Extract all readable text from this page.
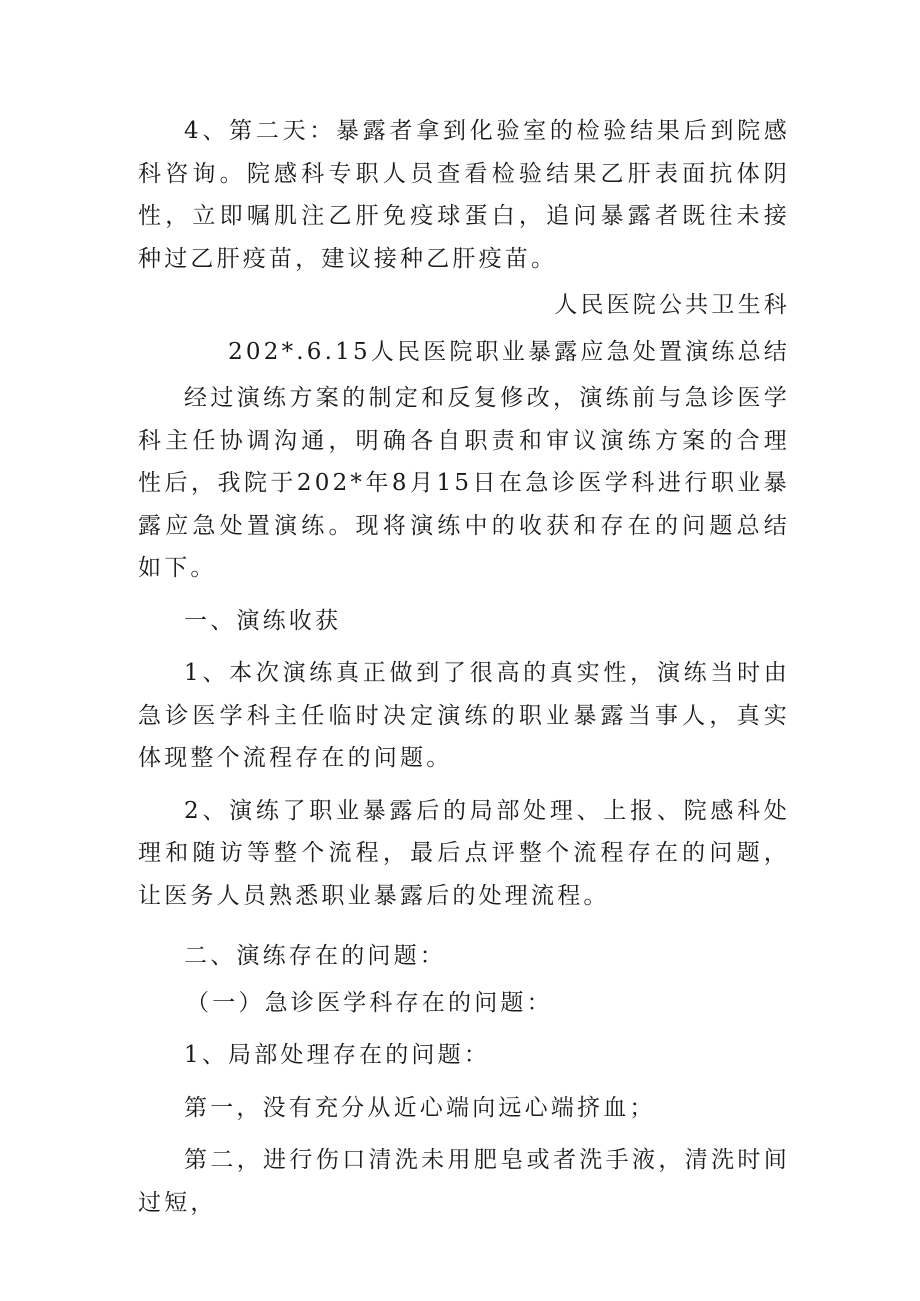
4、第二天：暴露者拿到化验室的检验结果后到院感科咨询。院感科专职人员查看检验结果乙肝表面抗体阴性，立即嘱肌注乙肝免疫球蛋白，追问暴露者既往未接种过乙肝疫苗，建议接种乙肝疫苗。

人民医院公共卫生科

202*.6.15人民医院职业暴露应急处置演练总结

经过演练方案的制定和反复修改，演练前与急诊医学科主任协调沟通，明确各自职责和审议演练方案的合理性后，我院于202*年8月15日在急诊医学科进行职业暴露应急处置演练。现将演练中的收获和存在的问题总结如下。

一、演练收获

1、本次演练真正做到了很高的真实性，演练当时由急诊医学科主任临时决定演练的职业暴露当事人，真实体现整个流程存在的问题。

2、演练了职业暴露后的局部处理、上报、院感科处理和随访等整个流程，最后点评整个流程存在的问题，让医务人员熟悉职业暴露后的处理流程。

二、演练存在的问题：

（一）急诊医学科存在的问题：

1、局部处理存在的问题：

第一，没有充分从近心端向远心端挤血；

第二，进行伤口清洗未用肥皂或者洗手液，清洗时间过短，
